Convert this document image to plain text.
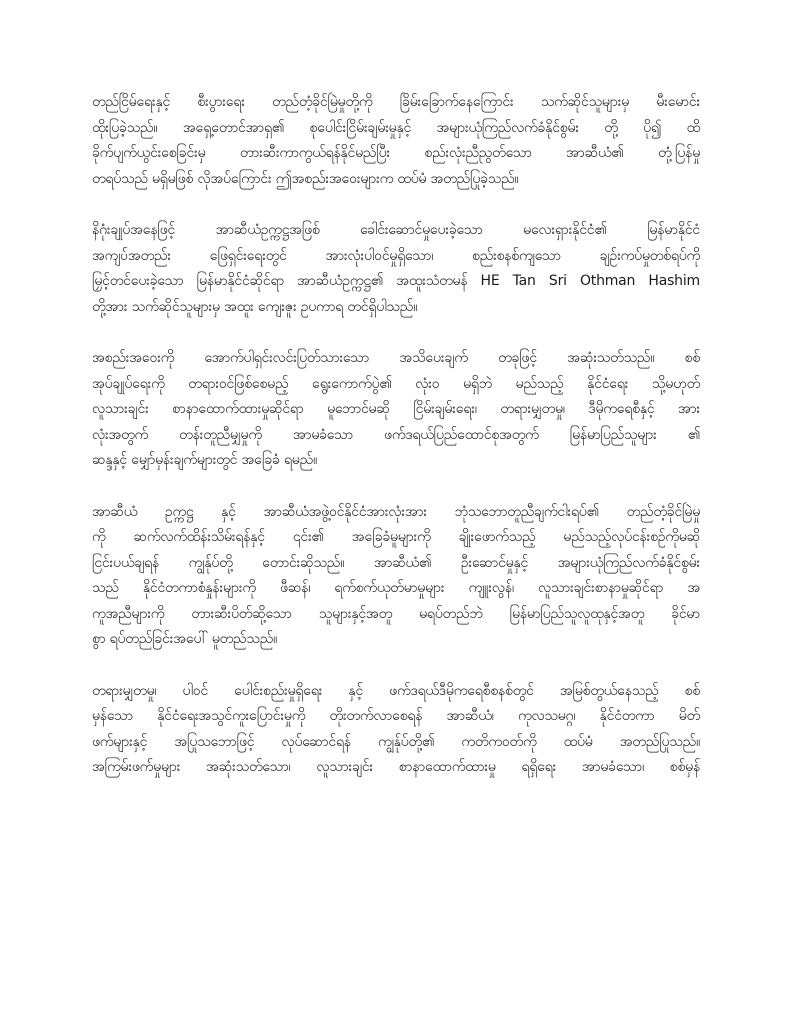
တည်ငြိမ်ရေးနှင့် စီးပွားရေး တည်တံ့ခိုင်မြဲမှုတို့ကို ခြိမ်းခြောက်နေကြောင်း သက်ဆိုင်သူများမှ မီးမောင်း
ထိုးပြခဲ့သည်။ အရှေ့တောင်အာရှ၏ စုပေါင်းငြိမ်းချမ်းမှုနှင့် အများယုံကြည်လက်ခံနိုင်စွမ်း တို့ ပို၍ ထိ
ခိုက်ပျက်ယွင်းစေခြင်းမှ တားဆီးကာကွယ်ရန်နိုင်မည်ပြီး စည်းလုံးညီညွတ်သော အာဆီယံ၏ တုံ့ပြန်မှု
တရပ်သည် မရှိမဖြစ် လိုအပ်ကြောင်း ဤအစည်းအဝေးများက ထပ်မံ အတည်ပြုခဲ့သည်။

နိဂုံးချုပ်အနေဖြင့် အာဆီယံဥက္ကဋ္ဌအဖြစ် ခေါင်းဆောင်မှုပေးခဲ့သော မလေးရှားနိုင်ငံ၏ မြန်မာနိုင်ငံ
အကျပ်အတည်း ဖြေရှင်းရေးတွင် အားလုံးပါဝင်မှုရှိသော၊ စည်းစနစ်ကျသော ချဉ်းကပ်မှုတစ်ရပ်ကို
မြှင့်တင်ပေးခဲ့သော မြန်မာနိုင်ငံဆိုင်ရာ အာဆီယံဥက္ကဋ္ဌ၏ အထူးသံတမန် HE Tan Sri Othman Hashim
တို့အား သက်ဆိုင်သူများမှ အထူး ကျေးဇူး ဥပကာရ တင်ရှိပါသည်။

အစည်းအဝေးကို အောက်ပါရှင်းလင်းပြတ်သားသော အသိပေးချက် တခုဖြင့် အဆုံးသတ်သည်။ စစ်
အုပ်ချုပ်ရေးကို တရားဝင်ဖြစ်စေမည့် ရွေးကောက်ပွဲ၏ လုံးဝ မရှိဘဲ မည်သည့် နိုင်ငံရေး သို့မဟုတ်
လူသားချင်း စာနာထောက်ထားမှုဆိုင်ရာ မူဘောင်မဆို ငြိမ်းချမ်းရေး၊ တရားမျှတမှု၊ ဒီမိုကရေစီနှင့် အား
လုံးအတွက် တန်းတူညီမျှမှုကို အာမခံသော ဖက်ဒရယ်ပြည်ထောင်စုအတွက် မြန်မာပြည်သူများ ၏
ဆန္ဒနှင့် မျှော်မှန်းချက်များတွင် အခြေခံ ရမည်။

အာဆီယံ ဥက္ကဋ္ဌ နှင့် အာဆီယံအဖွဲ့ဝင်နိုင်ငံအားလုံးအား ဘုံသဘောတူညီချက်ငါးရပ်၏ တည်တံ့ခိုင်မြဲမှု
ကို ဆက်လက်ထိန်းသိမ်းရန်နှင့် ၎င်း၏ အခြေခံမူများကို ချိုးဖောက်သည့် မည်သည့်လုပ်ငန်းစဉ်ကိုမဆို
ငြင်းပယ်ချရန် ကျွန်ုပ်တို့ တောင်းဆိုသည်။ အာဆီယံ၏ ဦးဆောင်မှုနှင့် အများယုံကြည်လက်ခံနိုင်စွမ်း
သည် နိုင်ငံတကာစံနှုန်းများကို ဖီဆန်၊ ရက်စက်ယုတ်မာမှုများ ကျူးလွန်၊ လူသားချင်းစာနာမှုဆိုင်ရာ အ
ကူအညီများကို တားဆီးပိတ်ဆို့သော သူများနှင့်အတူ မရပ်တည်ဘဲ မြန်မာပြည်သူလူထုနှင့်အတူ ခိုင်မာ
စွာ ရပ်တည်ခြင်းအပေါ် မူတည်သည်။

တရားမျှတမှု၊ ပါဝင် ပေါင်းစည်းမှုရှိရေး နှင့် ဖက်ဒရယ်ဒီမိုကရေစီစနစ်တွင် အမြစ်တွယ်နေသည့် စစ်
မှန်သော နိုင်ငံရေးအသွင်ကူးပြောင်းမှုကို တိုးတက်လာစေရန် အာဆီယံ၊ ကုလသမဂ္ဂ၊ နိုင်ငံတကာ မိတ်
ဖက်များနှင့် အပြုသဘောဖြင့် လုပ်ဆောင်ရန် ကျွန်ုပ်တို့၏ ကတိကဝတ်ကို ထပ်မံ အတည်ပြုသည်။
အကြမ်းဖက်မှုများ အဆုံးသတ်သော၊ လူသားချင်း စာနာထောက်ထားမှု ရရှိရေး အာမခံသော၊ စစ်မှန်
